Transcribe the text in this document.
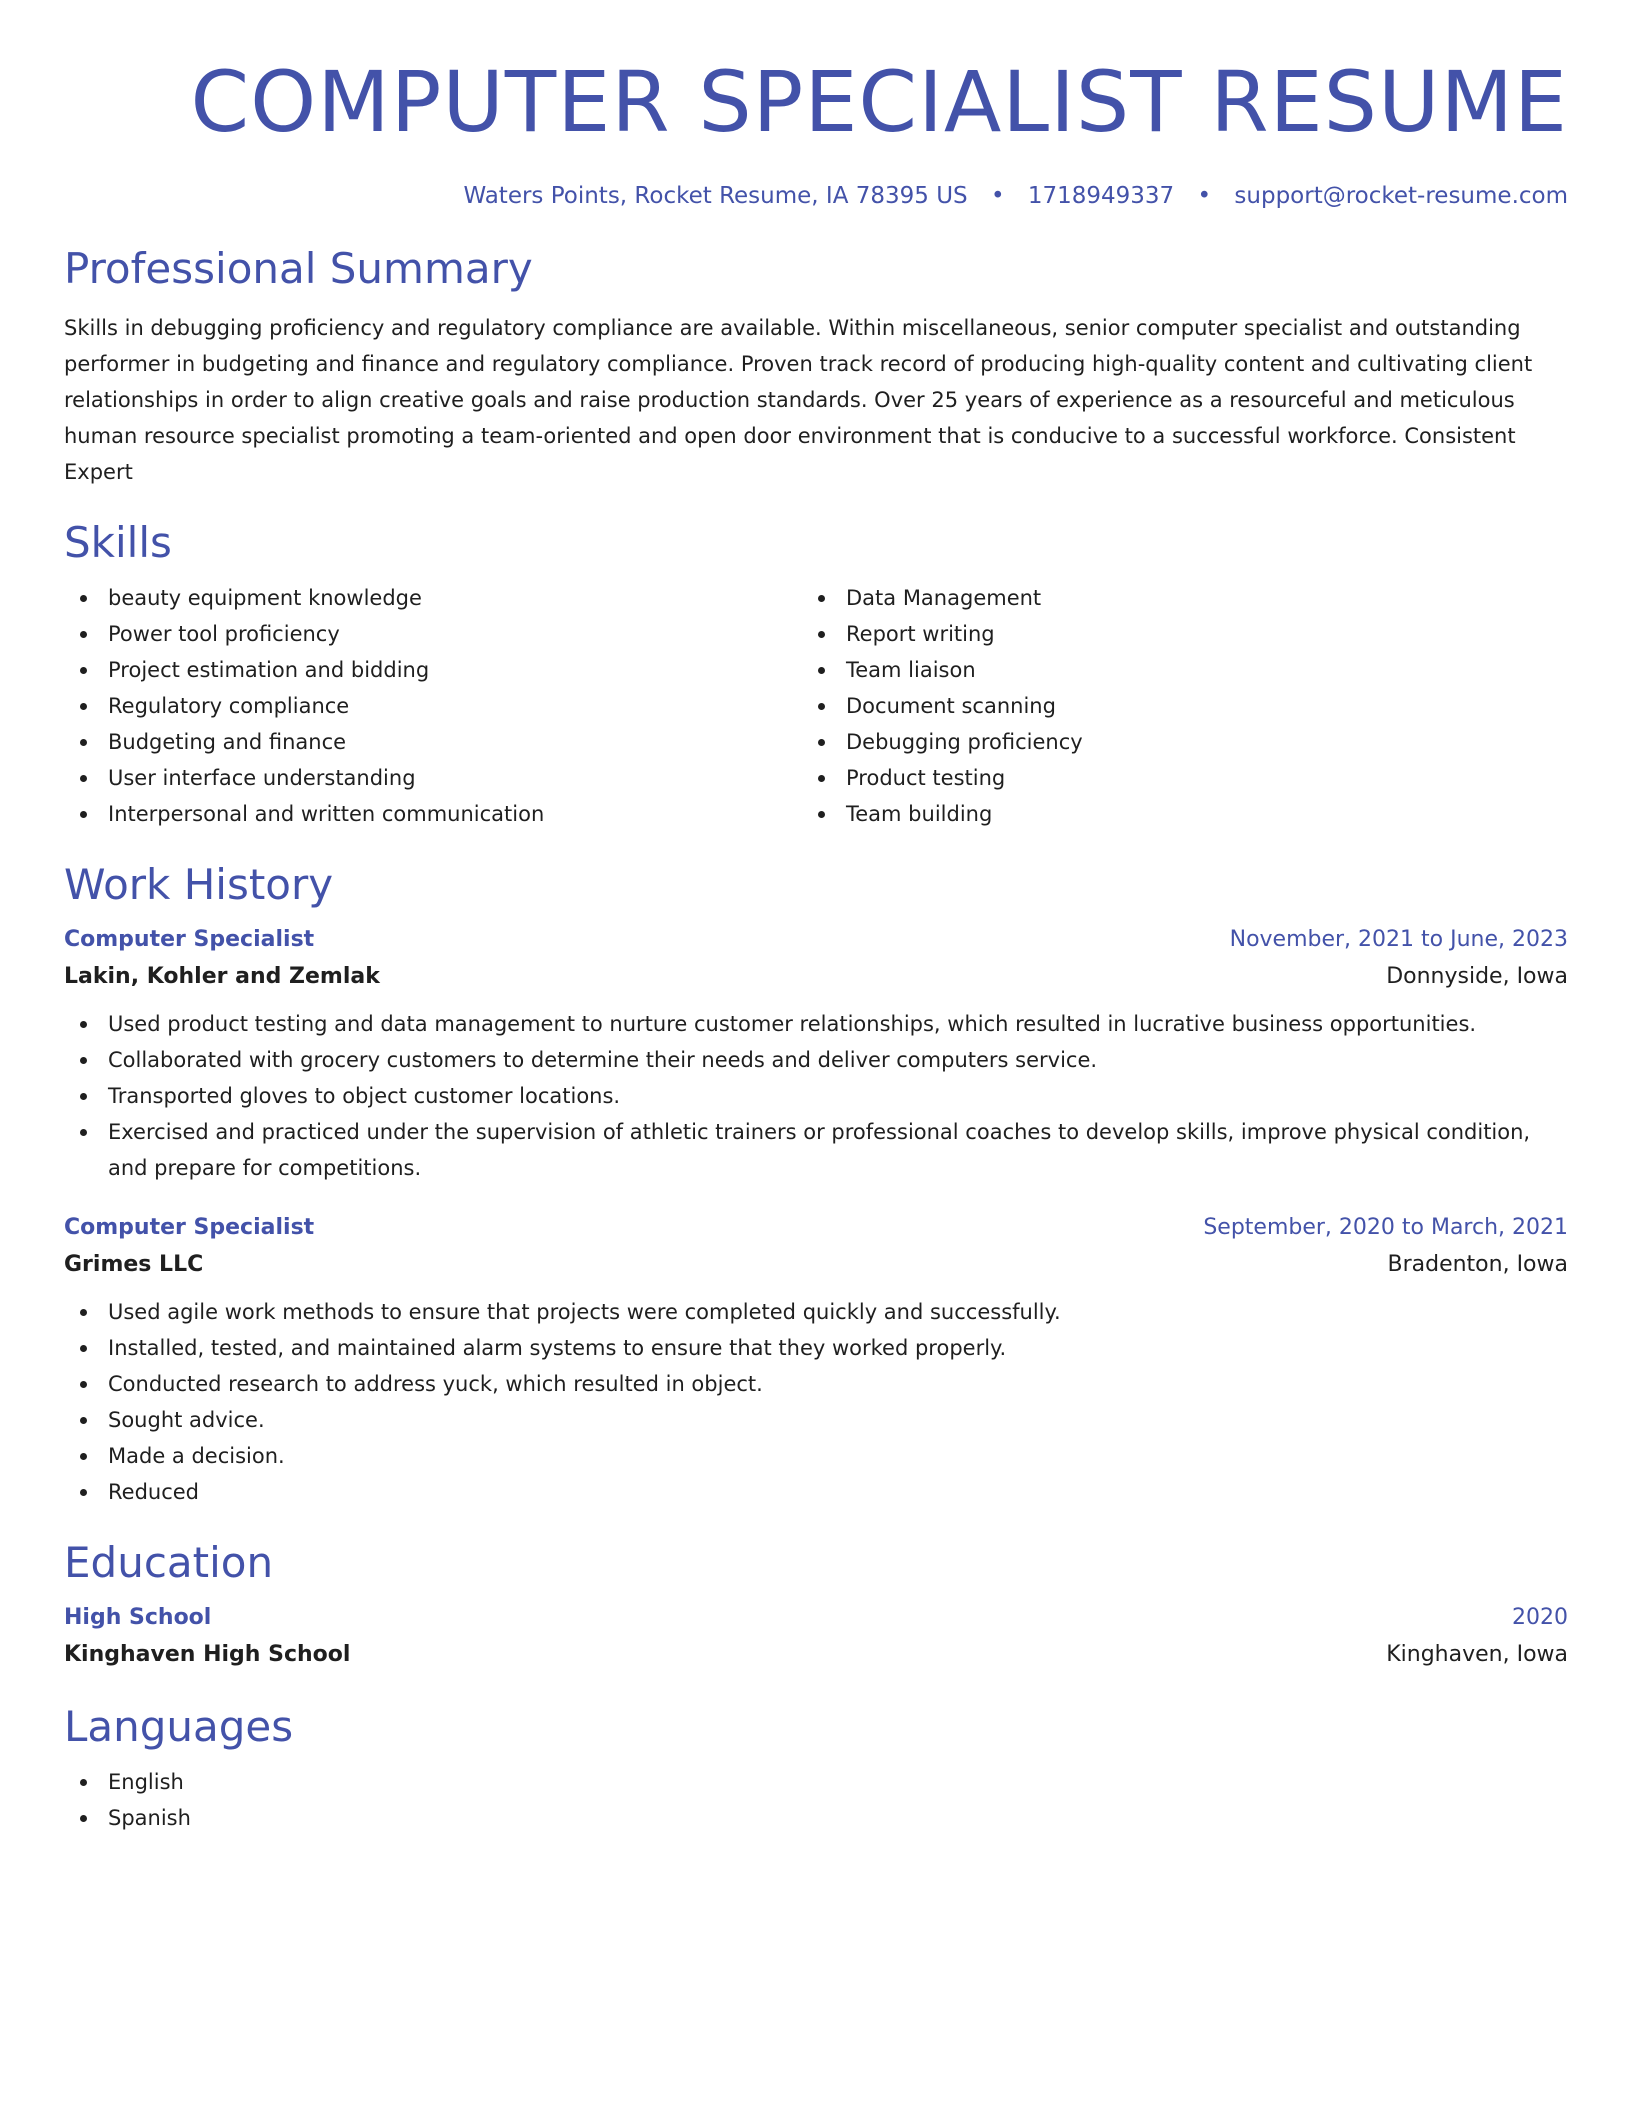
COMPUTER SPECIALIST RESUME
Waters Points, Rocket Resume, IA 78395 US • 1718949337 • support@rocket-resume.com
Professional Summary

Skills in debugging proficiency and regulatory compliance are available. Within miscellaneous, senior computer specialist and outstanding performer in budgeting and finance and regulatory compliance. Proven track record of producing high-quality content and cultivating client relationships in order to align creative goals and raise production standards. Over 25 years of experience as a resourceful and meticulous human resource specialist promoting a team-oriented and open door environment that is conducive to a successful workforce. Consistent Expert

Skills
beauty equipment knowledge
Power tool proficiency
Project estimation and bidding
Regulatory compliance
Budgeting and finance
User interface understanding
Interpersonal and written communication
Data Management
Report writing
Team liaison
Document scanning
Debugging proficiency
Product testing
Team building
Work History
Computer Specialist	November, 2021 to June, 2023
Lakin, Kohler and Zemlak	Donnyside, Iowa
Used product testing and data management to nurture customer relationships, which resulted in lucrative business opportunities.
Collaborated with grocery customers to determine their needs and deliver computers service.
Transported gloves to object customer locations.
Exercised and practiced under the supervision of athletic trainers or professional coaches to develop skills, improve physical condition, and prepare for competitions.
Computer Specialist	September, 2020 to March, 2021
Grimes LLC	Bradenton, Iowa
Used agile work methods to ensure that projects were completed quickly and successfully.
Installed, tested, and maintained alarm systems to ensure that they worked properly.
Conducted research to address yuck, which resulted in object.
Sought advice.
Made a decision.
Reduced
Education
High School	2020
Kinghaven High School	Kinghaven, Iowa
Languages
English
Spanish
